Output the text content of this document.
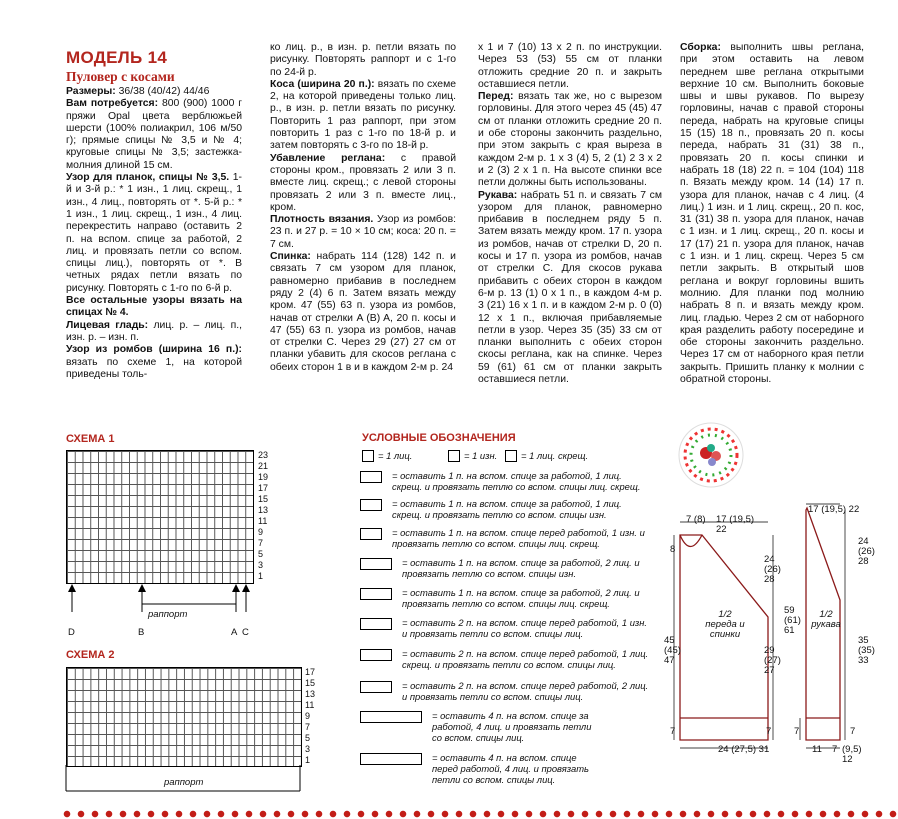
МОДЕЛЬ 14

Пуловер с косами

Размеры: 36/38 (40/42) 44/46

Вам потребуется: 800 (900) 1000 г пряжи Opal цвета верблюжьей шерсти (100% полиакрил, 106 м/50 г); прямые спицы № 3,5 и № 4; круговые спицы № 3,5; застежка-молния длиной 15 см.

Узор для планок, спицы № 3,5. 1-й и 3-й р.: * 1 изн., 1 лиц. скрещ., 1 изн., 4 лиц., повторять от *. 5-й р.: * 1 изн., 1 лиц. скрещ., 1 изн., 4 лиц. перекрестить направо (оставить 2 п. на вспом. спице за работой, 2 лиц. и провязать петли со вспом. спицы лиц.), повторять от *. В четных рядах петли вязать по рисунку. Повторять с 1-го по 6-й р.

Все остальные узоры вязать на спицах № 4.

Лицевая гладь: лиц. р. – лиц. п., изн. р. – изн. п.

Узор из ромбов (ширина 16 п.): вязать по схеме 1, на которой приведены толь-

ко лиц. р., в изн. р. петли вязать по рисунку. Повторять раппорт и с 1-го по 24-й р.

Коса (ширина 20 п.): вязать по схеме 2, на которой приведены только лиц. р., в изн. р. петли вязать по рисунку. Повторить 1 раз раппорт, при этом повторить 1 раз с 1-го по 18-й р. и затем повторять с 3-го по 18-й р.

Убавление реглана: с правой стороны кром., провязать 2 или 3 п. вместе лиц. скрещ.; с левой стороны провязать 2 или 3 п. вместе лиц., кром.

Плотность вязания. Узор из ромбов: 23 п. и 27 р. = 10 × 10 см; коса: 20 п. = 7 см.

Спинка: набрать 114 (128) 142 п. и связать 7 см узором для планок, равномерно прибавив в последнем ряду 2 (4) 6 п. Затем вязать между кром. 47 (55) 63 п. узора из ромбов, начав от стрелки A (B) A, 20 п. косы и 47 (55) 63 п. узора из ромбов, начав от стрелки C. Через 29 (27) 27 см от планки убавить для скосов реглана с обеих сторон 1 в и в каждом 2-м р. 24

х 1 и 7 (10) 13 х 2 п. по инструкции. Через 53 (53) 55 см от планки отложить средние 20 п. и закрыть оставшиеся петли.

Перед: вязать так же, но с вырезом горловины. Для этого через 45 (45) 47 см от планки отложить средние 20 п. и обе стороны закончить раздельно, при этом закрыть с края выреза в каждом 2-м р. 1 х 3 (4) 5, 2 (1) 2 3 х 2 и 2 (3) 2 х 1 п. На высоте спинки все петли должны быть использованы.

Рукава: набрать 51 п. и связать 7 см узором для планок, равномерно прибавив в последнем ряду 5 п. Затем вязать между кром. 17 п. узора из ромбов, начав от стрелки D, 20 п. косы и 17 п. узора из ромбов, начав от стрелки C. Для скосов рукава прибавить с обеих сторон в каждом 6-м р. 13 (1) 0 х 1 п., в каждом 4-м р. 3 (21) 16 х 1 п. и в каждом 2-м р. 0 (0) 12 х 1 п., включая прибавляемые петли в узор. Через 35 (35) 33 см от планки выполнить с обеих сторон скосы реглана, как на спинке. Через 59 (61) 61 см от планки закрыть оставшиеся петли.

Сборка: выполнить швы реглана, при этом оставить на левом переднем шве реглана открытыми верхние 10 см. Выполнить боковые швы и швы рукавов. По вырезу горловины, начав с правой стороны переда, набрать на круговые спицы 15 (15) 18 п., провязать 20 п. косы переда, набрать 31 (31) 38 п., провязать 20 п. косы спинки и набрать 18 (18) 22 п. = 104 (104) 118 п. Вязать между кром. 14 (14) 17 п. узора для планок, начав с 4 лиц. (4 лиц.) 1 изн. и 1 лиц. скрещ., 20 п. кос, 31 (31) 38 п. узора для планок, начав с 1 изн. и 1 лиц. скрещ., 20 п. косы и 17 (17) 21 п. узора для планок, начав с 1 изн. и 1 лиц. скрещ. Через 5 см петли закрыть. В открытый шов реглана и вокруг горловины вшить молнию. Для планки под молнию набрать 8 п. и вязать между кром. лиц. гладью. Через 2 см от наборного края разделить работу посередине и обе стороны закончить раздельно. Через 17 см от наборного края петли закрыть. Пришить планку к молнии с обратной стороны.

СХЕМА 1
23
21
19
17
15
13
11
9
7
5
3
1
раппорт
D	B	A C
СХЕМА 2
17
15
13
11
9
7
5
3
1
раппорт
УСЛОВНЫЕ ОБОЗНАЧЕНИЯ
= 1 лиц.	= 1 изн.	= 1 лиц. скрещ.
= оставить 1 п. на вспом. спице за работой, 1 лиц. скрещ. и провязать петлю со вспом. спицы лиц. скрещ.
= оставить 1 п. на вспом. спице за работой, 1 лиц. скрещ. и провязать петлю со вспом. спицы изн.
= оставить 1 п. на вспом. спице перед работой, 1 изн. и провязать петлю со вспом. спицы лиц. скрещ.
= оставить 1 п. на вспом. спице за работой, 2 лиц. и провязать петлю со вспом. спицы изн.
= оставить 1 п. на вспом. спице за работой, 2 лиц. и провязать петлю со вспом. спицы лиц. скрещ.
= оставить 2 п. на вспом. спице перед работой, 1 изн. и провязать петли со вспом. спицы лиц.
= оставить 2 п. на вспом. спице перед работой, 1 лиц. скрещ. и провязать петли со вспом. спицы лиц.
= оставить 2 п. на вспом. спице перед работой, 2 лиц. и провязать петли со вспом. спицы лиц.
= оставить 4 п. на вспом. спице за работой, 4 лиц. и провязать петли со вспом. спицы лиц.
= оставить 4 п. на вспом. спице перед работой, 4 лиц. и провязать петли со вспом. спицы лиц.
7 (8) 17 (19,5) 22
8
24 (26) 28
59 (61) 61
45 (45) 47
29 (27) 27
1/2 переда и спинки
7	7
24 (27,5) 31
17 (19,5) 22
24 (26) 28
35 (35) 33
1/2 рукава
7	7
11 7 (9,5) 12
